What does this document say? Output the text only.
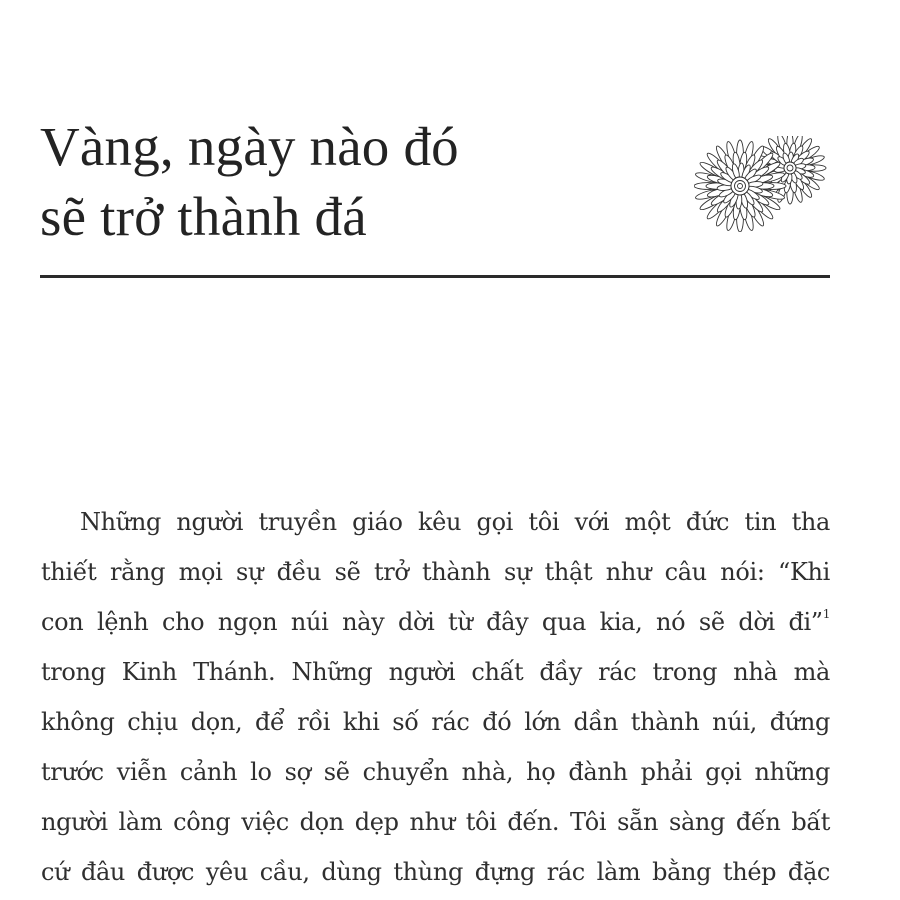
Vàng, ngày nào đó
sẽ trở thành đá
Những người truyền giáo kêu gọi tôi với một đức tin tha
thiết rằng mọi sự đều sẽ trở thành sự thật như câu nói: “Khi
con lệnh cho ngọn núi này dời từ đây qua kia, nó sẽ dời đi”$^1$
trong Kinh Thánh. Những người chất đầy rác trong nhà mà
không chịu dọn, để rồi khi số rác đó lớn dần thành núi, đứng
trước viễn cảnh lo sợ sẽ chuyển nhà, họ đành phải gọi những
người làm công việc dọn dẹp như tôi đến. Tôi sẵn sàng đến bất
cứ đâu được yêu cầu, dùng thùng đựng rác làm bằng thép đặc
